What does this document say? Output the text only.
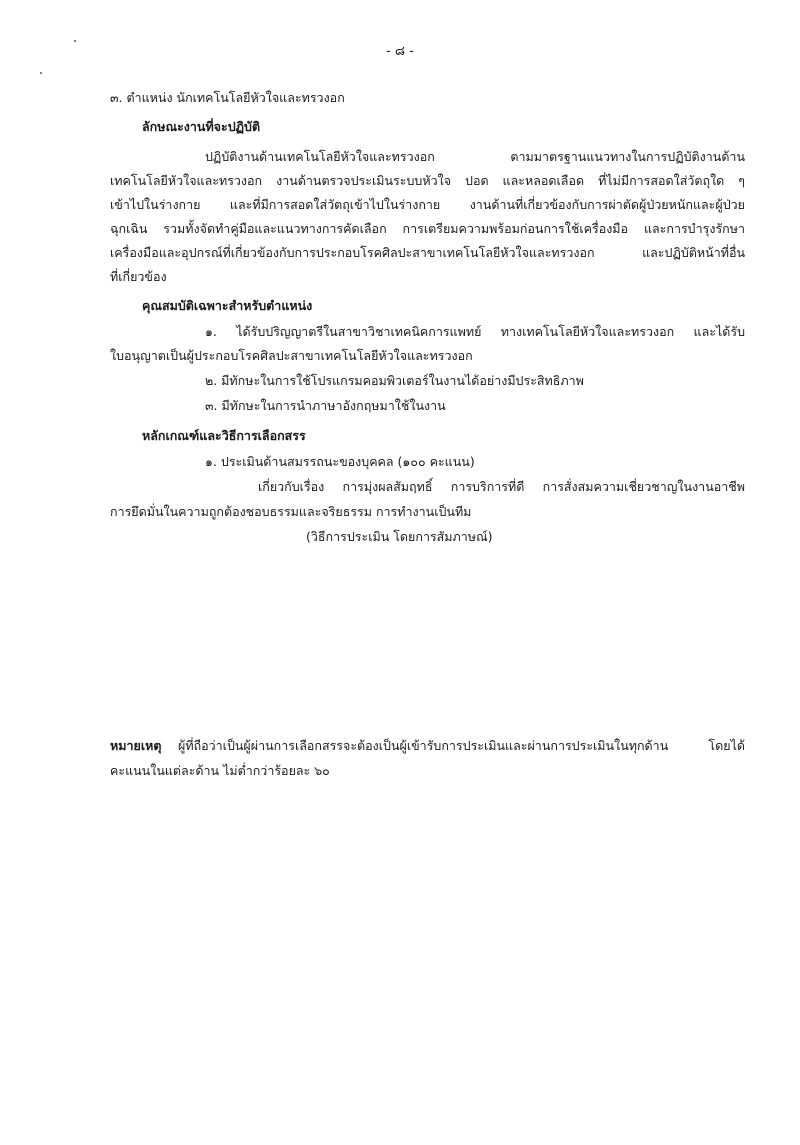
- ๘ -
๓. ตำแหน่ง นักเทคโนโลยีหัวใจและทรวงอก
ลักษณะงานที่จะปฏิบัติ
ปฏิบัติงานด้านเทคโนโลยีหัวใจและทรวงอก ตามมาตรฐานแนวทางในการปฏิบัติงานด้าน
เทคโนโลยีหัวใจและทรวงอก งานด้านตรวจประเมินระบบหัวใจ ปอด และหลอดเลือด ที่ไม่มีการสอดใส่วัตถุใด ๆ
เข้าไปในร่างกาย และที่มีการสอดใส่วัตถุเข้าไปในร่างกาย งานด้านที่เกี่ยวข้องกับการผ่าตัดผู้ป่วยหนักและผู้ป่วย
ฉุกเฉิน รวมทั้งจัดทำคู่มือและแนวทางการคัดเลือก การเตรียมความพร้อมก่อนการใช้เครื่องมือ และการบำรุงรักษา
เครื่องมือและอุปกรณ์ที่เกี่ยวข้องกับการประกอบโรคศิลปะสาขาเทคโนโลยีหัวใจและทรวงอก และปฏิบัติหน้าที่อื่น
ที่เกี่ยวข้อง
คุณสมบัติเฉพาะสำหรับตำแหน่ง
๑. ได้รับปริญญาตรีในสาขาวิชาเทคนิคการแพทย์ ทางเทคโนโลยีหัวใจและทรวงอก และได้รับ
ใบอนุญาตเป็นผู้ประกอบโรคศิลปะสาขาเทคโนโลยีหัวใจและทรวงอก
๒. มีทักษะในการใช้โปรแกรมคอมพิวเตอร์ในงานได้อย่างมีประสิทธิภาพ
๓. มีทักษะในการนำภาษาอังกฤษมาใช้ในงาน
หลักเกณฑ์และวิธีการเลือกสรร
๑. ประเมินด้านสมรรถนะของบุคคล (๑๐๐ คะแนน)
เกี่ยวกับเรื่อง การมุ่งผลสัมฤทธิ์ การบริการที่ดี การสั่งสมความเชี่ยวชาญในงานอาชีพ
การยึดมั่นในความถูกต้องชอบธรรมและจริยธรรม การทำงานเป็นทีม
(วิธีการประเมิน โดยการสัมภาษณ์)
หมายเหตุ ผู้ที่ถือว่าเป็นผู้ผ่านการเลือกสรรจะต้องเป็นผู้เข้ารับการประเมินและผ่านการประเมินในทุกด้าน โดยได้
คะแนนในแต่ละด้าน ไม่ต่ำกว่าร้อยละ ๖๐
